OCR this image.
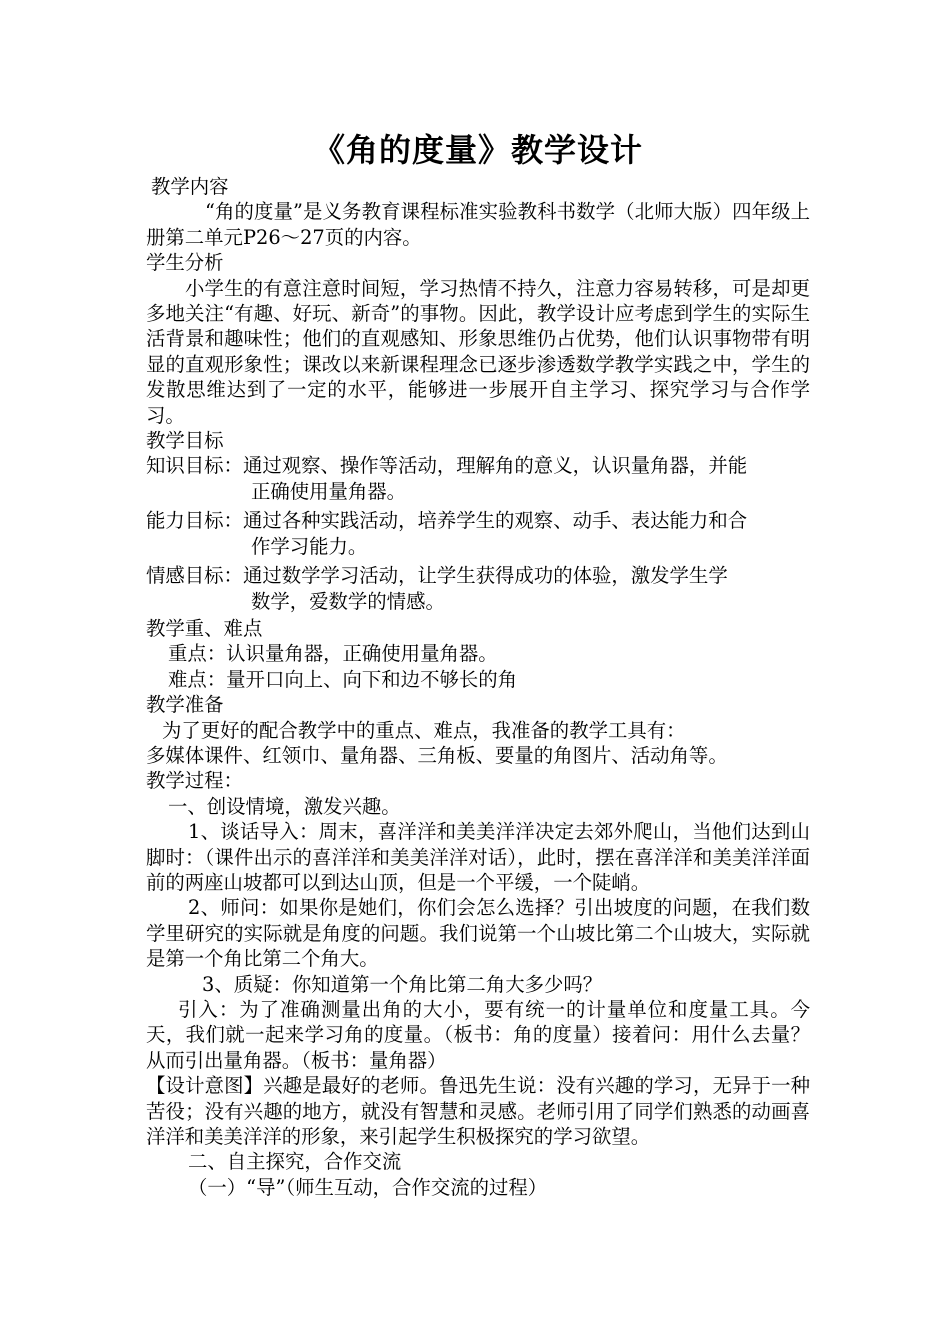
《角的度量》教学设计

教学内容

“角的度量”是义务教育课程标准实验教科书数学（北师大版）四年级上册第二单元P26～27页的内容。

学生分析

小学生的有意注意时间短，学习热情不持久，注意力容易转移，可是却更多地关注“有趣、好玩、新奇”的事物。因此，教学设计应考虑到学生的实际生活背景和趣味性；他们的直观感知、形象思维仍占优势，他们认识事物带有明显的直观形象性；课改以来新课程理念已逐步渗透数学教学实践之中，学生的发散思维达到了一定的水平，能够进一步展开自主学习、探究学习与合作学习。

教学目标

知识目标： 通过观察、操作等活动，理解角的意义，认识量角器，并能
正确使用量角器。
能力目标： 通过各种实践活动，培养学生的观察、动手、表达能力和合
作学习能力。
情感目标： 通过数学学习活动，让学生获得成功的体验，激发学生学
数学，爱数学的情感。

教学重、难点

重点：认识量角器，正确使用量角器。

难点：量开口向上、向下和边不够长的角

教学准备

为了更好的配合教学中的重点、难点，我准备的教学工具有：

多媒体课件、红领巾、量角器、三角板、要量的角图片、活动角等。

教学过程：

一、创设情境，激发兴趣。

1、谈话导入：周末，喜洋洋和美美洋洋决定去郊外爬山，当他们达到山脚时：（课件出示的喜洋洋和美美洋洋对话），此时，摆在喜洋洋和美美洋洋面前的两座山坡都可以到达山顶，但是一个平缓，一个陡峭。

2、师问：如果你是她们，你们会怎么选择？引出坡度的问题，在我们数学里研究的实际就是角度的问题。我们说第一个山坡比第二个山坡大，实际就是第一个角比第二个角大。

3、质疑：你知道第一个角比第二角大多少吗？

引入：为了准确测量出角的大小，要有统一的计量单位和度量工具。今天，我们就一起来学习角的度量。（板书：角的度量）接着问：用什么去量？从而引出量角器。（板书：量角器）

【设计意图】兴趣是最好的老师。鲁迅先生说：没有兴趣的学习，无异于一种苦役；没有兴趣的地方，就没有智慧和灵感。老师引用了同学们熟悉的动画喜洋洋和美美洋洋的形象，来引起学生积极探究的学习欲望。

二、自主探究，合作交流

（一）“导”（师生互动，合作交流的过程）
